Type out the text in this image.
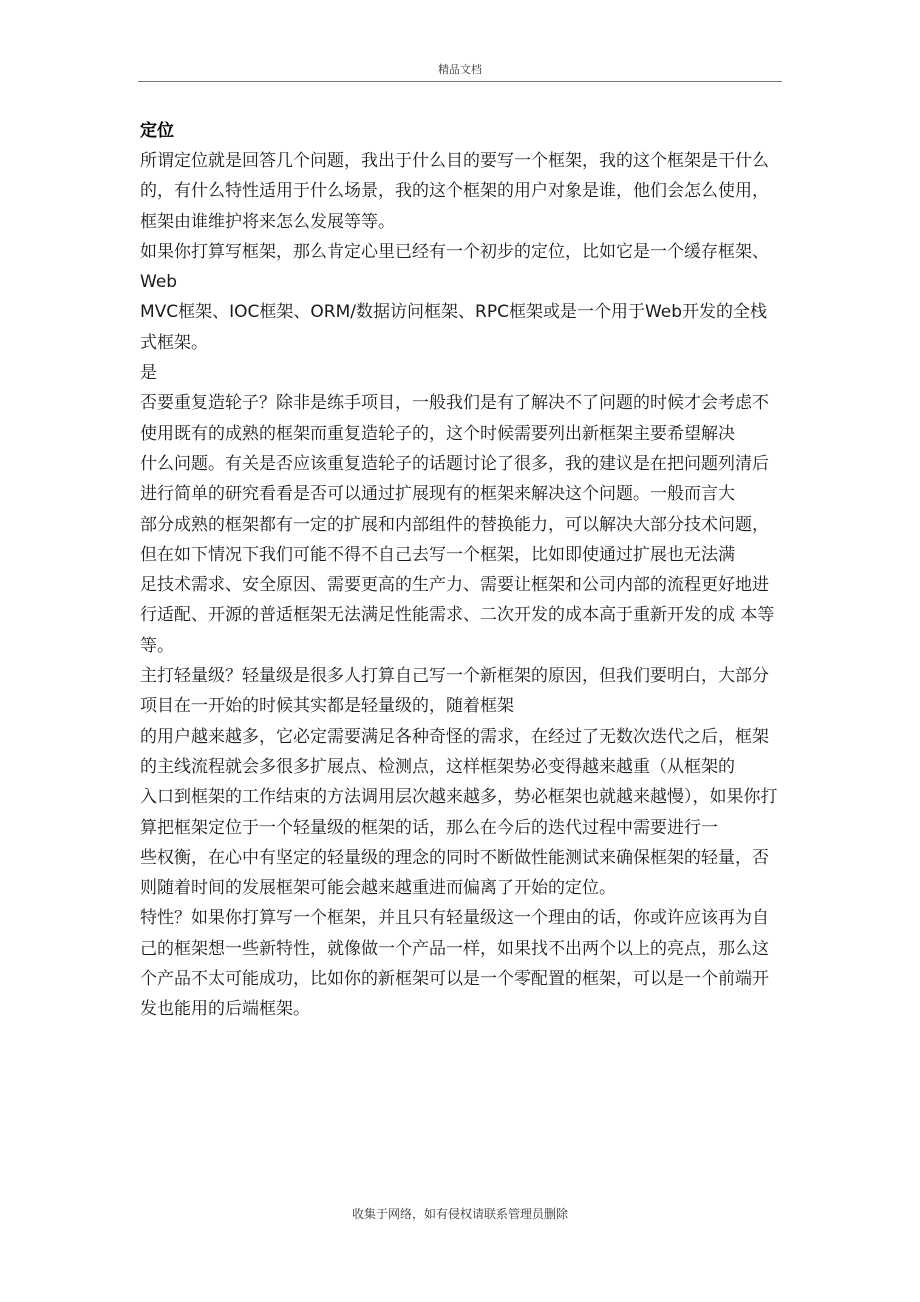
精品文档
定位

所谓定位就是回答几个问题，我出于什么目的要写一个框架，我的这个框架是干什么的，有什么特性适用于什么场景，我的这个框架的用户对象是谁，他们会怎么使用，框架由谁维护将来怎么发展等等。

如果你打算写框架，那么肯定心里已经有一个初步的定位，比如它是一个缓存框架、Web

MVC框架、IOC框架、ORM/数据访问框架、RPC框架或是一个用于Web开发的全栈式框架。

是

否要重复造轮子？除非是练手项目，一般我们是有了解决不了问题的时候才会考虑不使用既有的成熟的框架而重复造轮子的，这个时候需要列出新框架主要希望解决

什么问题。有关是否应该重复造轮子的话题讨论了很多，我的建议是在把问题列清后进行简单的研究看看是否可以通过扩展现有的框架来解决这个问题。一般而言大

部分成熟的框架都有一定的扩展和内部组件的替换能力，可以解决大部分技术问题，但在如下情况下我们可能不得不自己去写一个框架，比如即使通过扩展也无法满

足技术需求、安全原因、需要更高的生产力、需要让框架和公司内部的流程更好地进行适配、开源的普适框架无法满足性能需求、二次开发的成本高于重新开发的成 本等等。

主打轻量级？轻量级是很多人打算自己写一个新框架的原因，但我们要明白，大部分项目在一开始的时候其实都是轻量级的，随着框架

的用户越来越多，它必定需要满足各种奇怪的需求，在经过了无数次迭代之后，框架的主线流程就会多很多扩展点、检测点，这样框架势必变得越来越重（从框架的

入口到框架的工作结束的方法调用层次越来越多，势必框架也就越来越慢），如果你打算把框架定位于一个轻量级的框架的话，那么在今后的迭代过程中需要进行一

些权衡，在心中有坚定的轻量级的理念的同时不断做性能测试来确保框架的轻量，否则随着时间的发展框架可能会越来越重进而偏离了开始的定位。

特性？如果你打算写一个框架，并且只有轻量级这一个理由的话，你或许应该再为自己的框架想一些新特性，就像做一个产品一样，如果找不出两个以上的亮点，那么这个产品不太可能成功，比如你的新框架可以是一个零配置的框架，可以是一个前端开发也能用的后端框架。

收集于网络，如有侵权请联系管理员删除
